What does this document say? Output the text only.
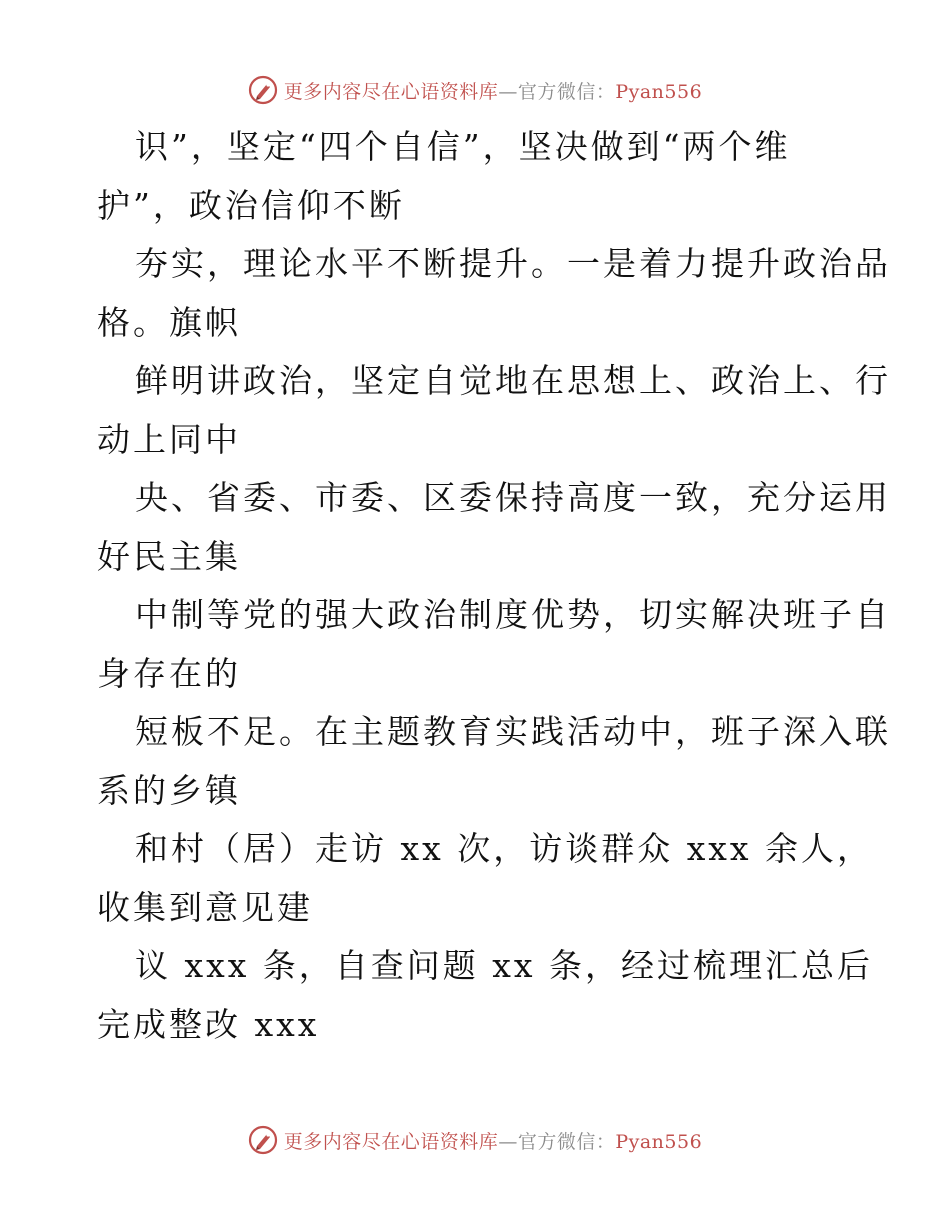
更多内容尽在心语资料库—官方微信：Pyan556
识”，坚定“四个自信”，坚决做到“两个维
护”，政治信仰不断
夯实，理论水平不断提升。一是着力提升政治品
格。旗帜
鲜明讲政治，坚定自觉地在思想上、政治上、行
动上同中
央、省委、市委、区委保持高度一致，充分运用
好民主集
中制等党的强大政治制度优势，切实解决班子自
身存在的
短板不足。在主题教育实践活动中，班子深入联
系的乡镇
和村（居）走访 xx 次，访谈群众 xxx 余人，
收集到意见建
议 xxx 条，自查问题 xx 条，经过梳理汇总后
完成整改 xxx
更多内容尽在心语资料库—官方微信：Pyan556
